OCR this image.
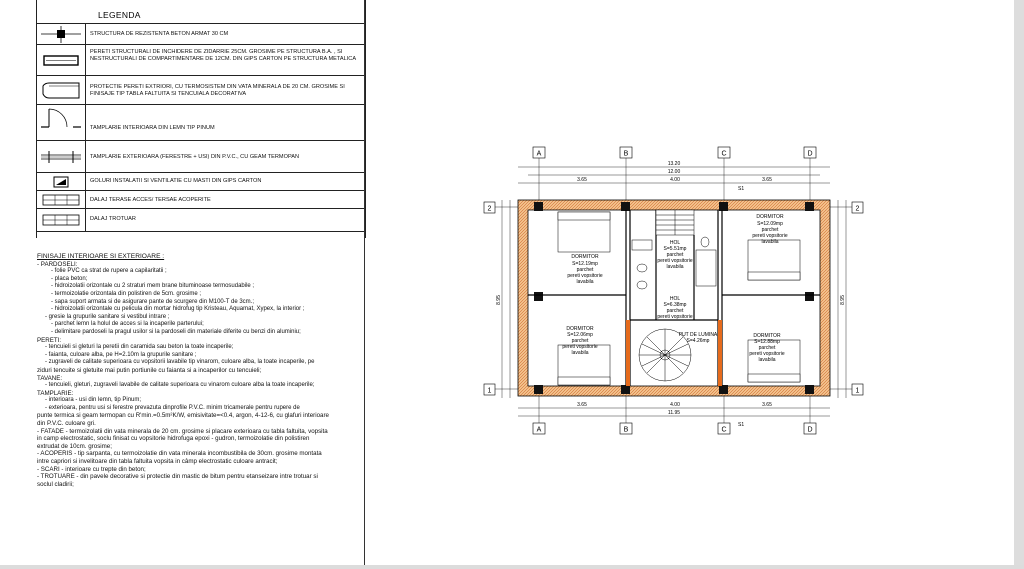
STRUCTURA DE REZISTENTA BETON ARMAT 30 CM
PERETI STRUCTURALI DE INCHIDERE DE ZIDARRIE 25CM. GROSIME PE STRUCTURA B.A. , SI NESTRUCTURALI DE COMPARTIMENTARE DE 12CM. DIN GIPS CARTON PE STRUCTURA METALICA
PROTECTIE PERETI EXTRIORI, CU TERMOSISTEM DIN VATA MINERALA DE 20 CM. GROSIME SI FINISAJE TIP TABLA FALTUITA SI TENCUIALA DECORATIVA
TAMPLARIE INTERIOARA DIN LEMN TIP PINUM
TAMPLARIE EXTERIOARA (FERESTRE + USI) DIN P.V.C., CU GEAM TERMOPAN
GOLURI INSTALATII SI VENTILATIE CU MASTI DIN GIPS CARTON
DALAJ TERASE ACCES/ TERSAE ACOPERITE
DALAJ TROTUAR
LEGENDA
FINISAJE INTERIOARE SI EXTERIOARE :
- PARDOSELI:
- folie PVC ca strat de rupere a capilaritatii ;
- placa beton;
- hidroizolatii orizontale cu 2 straturi mem brane bituminoase termosudabile ;
- termoizolatie orizontala din polistiren de 5cm. grosime ;
- sapa suport armata si de asigurare pante de scurgere din M100-T de 3cm.;
- hidroizolatii orizontale cu pelicula din mortar hidrofug tip Kristeau, Aquamat, Xypex, la interior ;
- gresie la grupurile sanitare si vestibul intrare ;
- parchet lemn la holul de acces si la incaperile parterului;
- delimitare pardoseli la pragul usilor si la pardoseli din materiale diferite cu benzi din aluminiu;
PERETI:
- tencuieli si gleturi la peretii din caramida sau beton la toate incaperile;
- faianta, culoare alba, pe H=2.10m la grupurile sanitare ;
- zugraveli de calitate superioara cu vopsitorii lavabile tip vinarom, culoare alba, la toate incaperile, pe
ziduri tencuite si gletuite mai putin portiunile cu faianta si a incaperilor cu tencuieli;
TAVANE:
- tencuieli, gleturi, zugraveli lavabile de calitate superioara cu vinarom culoare alba la toate incaperile;
TAMPLARIE:
- interioara - usi din lemn, tip Pinum;
- exterioara, pentru usi si ferestre prevazuta dinprofile P.V.C. minim tricamerale pentru rupere de
punte termica si geam termopan cu R'min.=0.5m²K/W, emisivitate=<0.4, argon, 4-12-6, cu glafuri interioare
din P.V.C. culoare gri.
- FATADE - termoizolatii din vata minerala de 20 cm. grosime si placare exterioara cu tabla faltuita, vopsita
in camp electrostatic, soclu finisat cu vopsitorie hidrofuga epoxi - gudron, termoizolatie din polistiren
extrudat de 10cm. grosime;
- ACOPERIS - tip sarpanta, cu termoizolatie din vata minerala incombustibila de 30cm. grosime montata
intre capriori si invelitoare din tabla faltuita vopsita in câmp electrostatic culoare antracit;
- SCARI - interioare cu trepte din beton;
- TROTUARE - din pavele decorative si protectie din mastic de bitum pentru etanseizare intre trotuar si
soclul cladirii;
A	B	C	D
13.20
12.00
3.65	4.00	3.65
S1
2
1
2
1
8.95	8.95
DORMITOR
S=12.19mp
parchet
pereti vopsitorie
lavabila
DORMITOR
S=12.09mp
parchet
pereti vopsitorie
lavabila
DORMITOR
S=12.06mp
parchet
pereti vopsitorie
lavabila
DORMITOR
S=12.88mp
parchet
pereti vopsitorie
lavabila
HOL
S=5.51mp
parchet
pereti vopsitorie
lavabila
HOL
S=6.38mp
parchet
pereti vopsitorie
PUT DE LUMINA
S=4.26mp
3.65	4.00	3.65
11.95
S1
A	B	C	D
